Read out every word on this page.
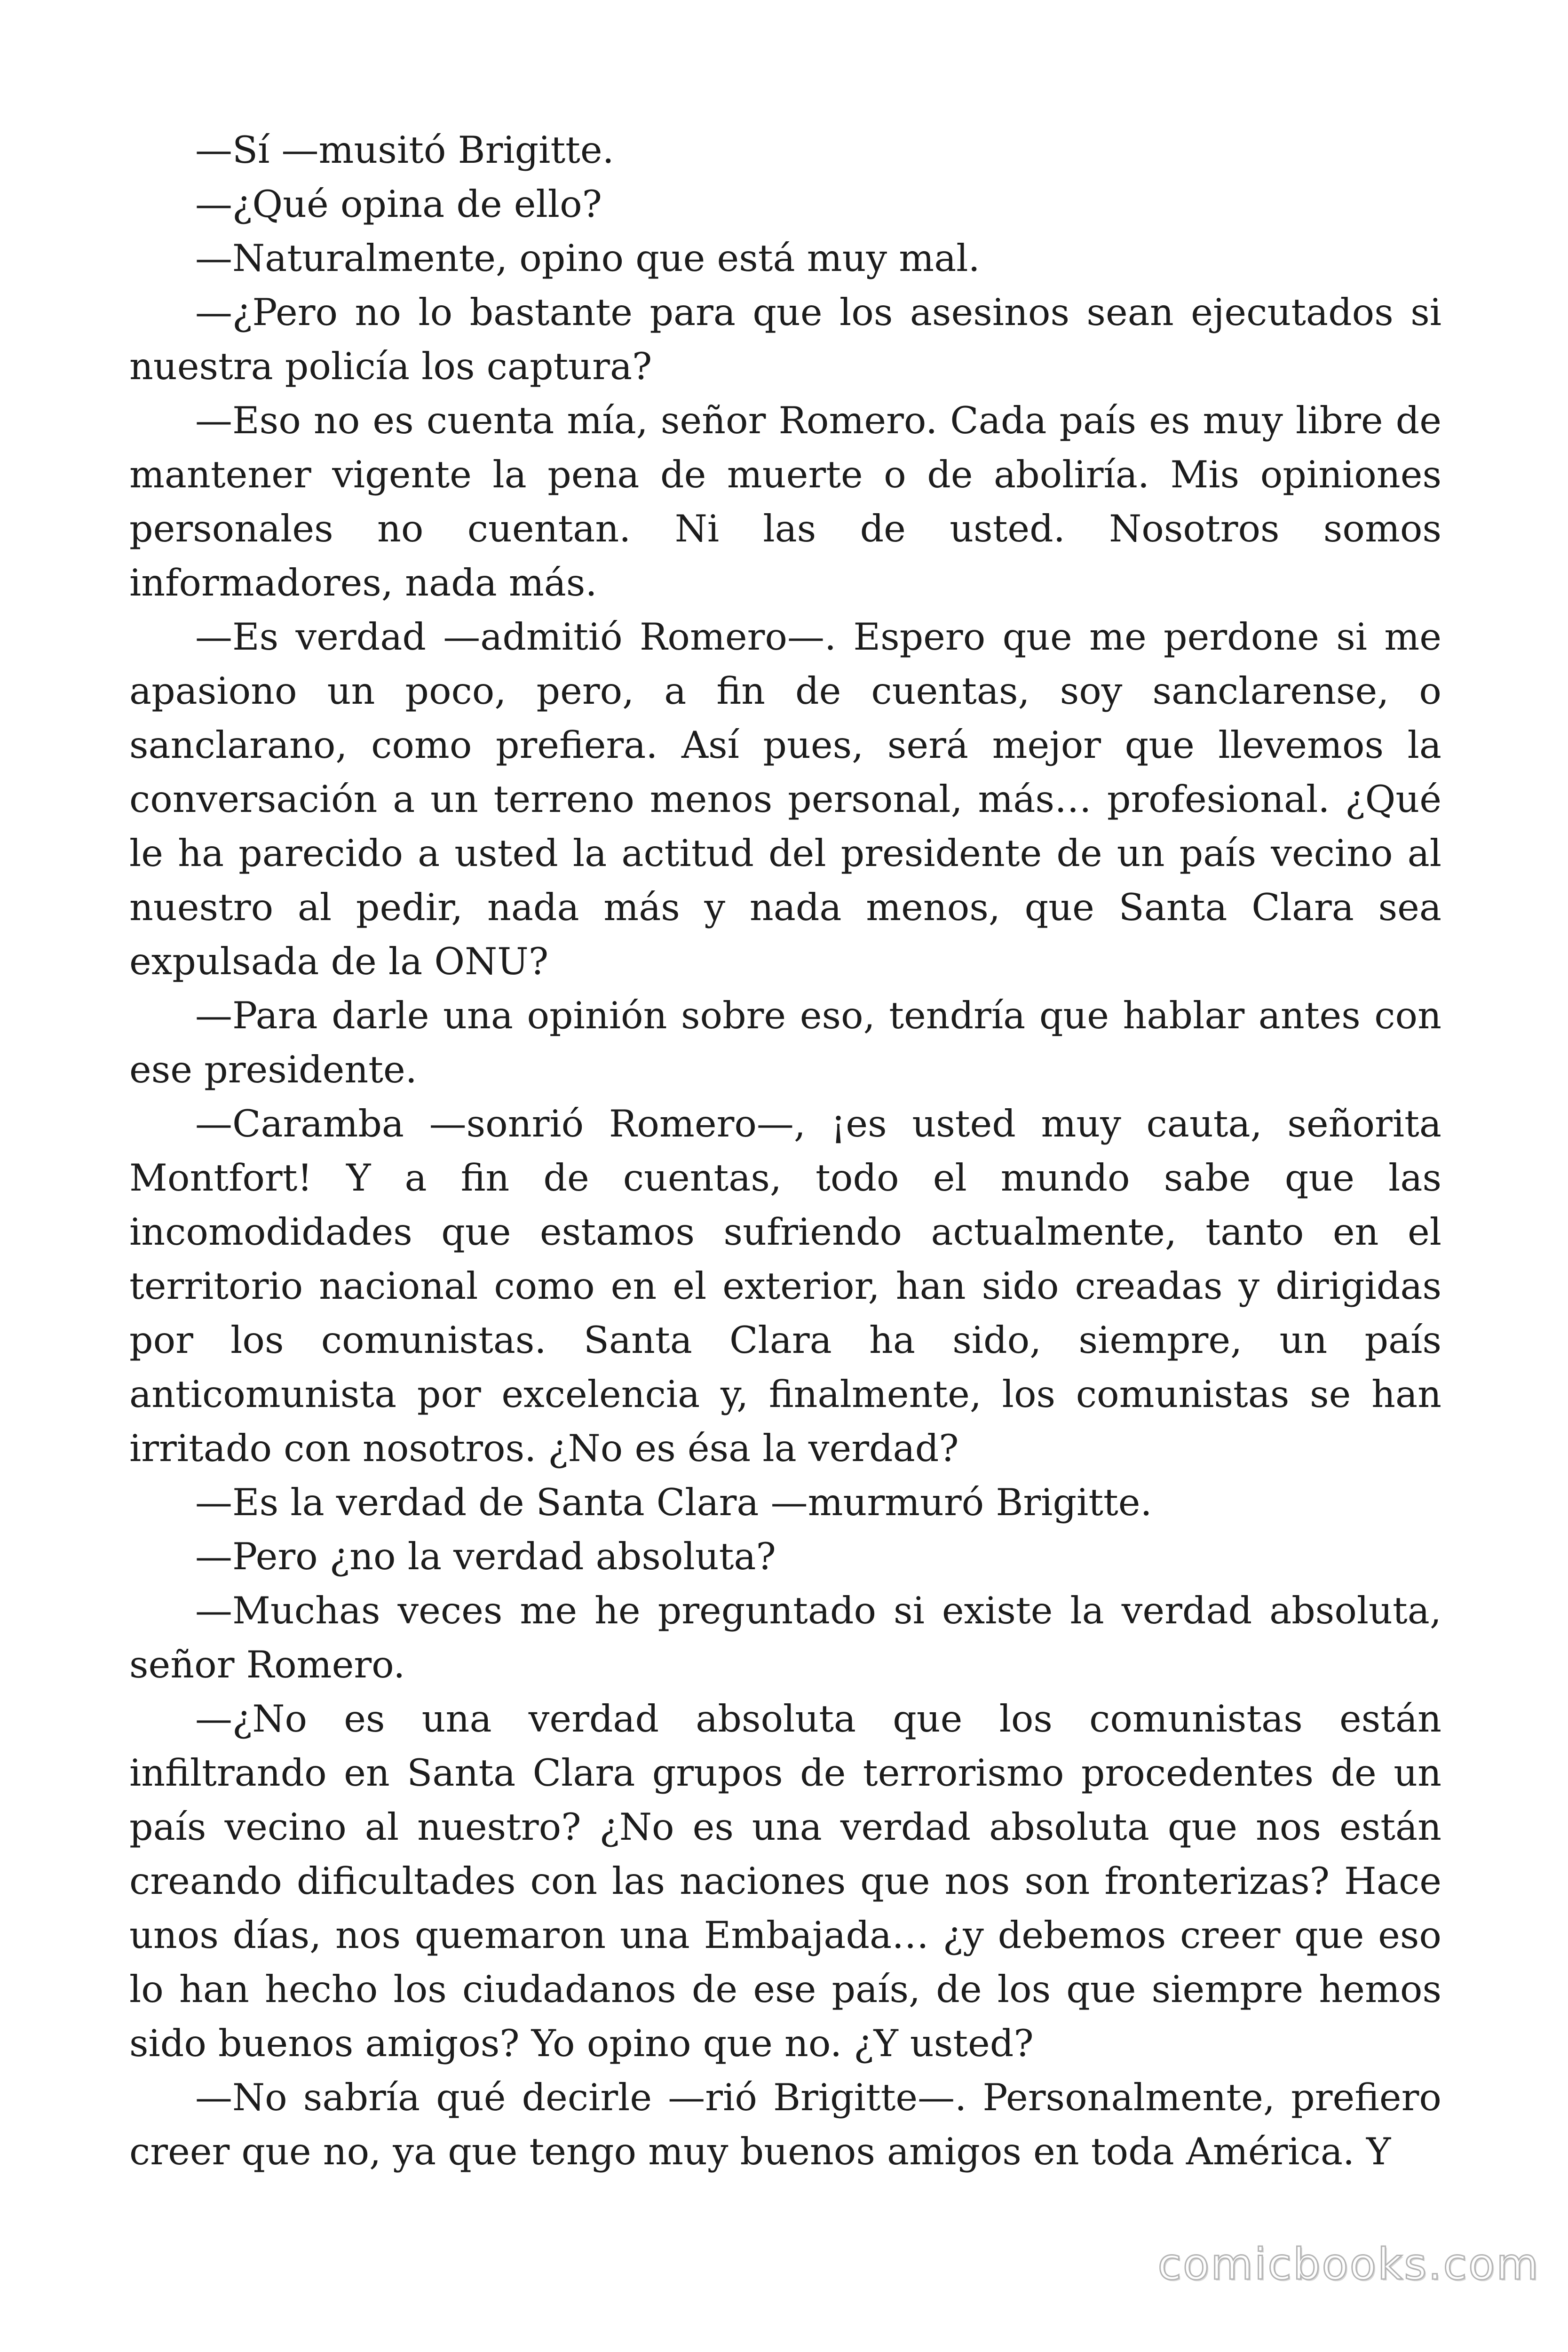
—Sí —musitó Brigitte.

—¿Qué opina de ello?

—Naturalmente, opino que está muy mal.

—¿Pero no lo bastante para que los asesinos sean ejecutados si nuestra policía los captura?

—Eso no es cuenta mía, señor Romero. Cada país es muy libre de mantener vigente la pena de muerte o de aboliría. Mis opiniones personales no cuentan. Ni las de usted. Nosotros somos informadores, nada más.

—Es verdad —admitió Romero—. Espero que me perdone si me apasiono un poco, pero, a fin de cuentas, soy sanclarense, o sanclarano, como prefiera. Así pues, será mejor que llevemos la conversación a un terreno menos personal, más… profesional. ¿Qué le ha parecido a usted la actitud del presidente de un país vecino al nuestro al pedir, nada más y nada menos, que Santa Clara sea expulsada de la ONU?

—Para darle una opinión sobre eso, tendría que hablar antes con ese presidente.

—Caramba —sonrió Romero—, ¡es usted muy cauta, señorita Montfort! Y a fin de cuentas, todo el mundo sabe que las incomodidades que estamos sufriendo actualmente, tanto en el territorio nacional como en el exterior, han sido creadas y dirigidas por los comunistas. Santa Clara ha sido, siempre, un país anticomunista por excelencia y, finalmente, los comunistas se han irritado con nosotros. ¿No es ésa la verdad?

—Es la verdad de Santa Clara —murmuró Brigitte.

—Pero ¿no la verdad absoluta?

—Muchas veces me he preguntado si existe la verdad absoluta, señor Romero.

—¿No es una verdad absoluta que los comunistas están infiltrando en Santa Clara grupos de terrorismo procedentes de un país vecino al nuestro? ¿No es una verdad absoluta que nos están creando dificultades con las naciones que nos son fronterizas? Hace unos días, nos quemaron una Embajada… ¿y debemos creer que eso lo han hecho los ciudadanos de ese país, de los que siempre hemos sido buenos amigos? Yo opino que no. ¿Y usted?

—No sabría qué decirle —rió Brigitte—. Personalmente, prefiero creer que no, ya que tengo muy buenos amigos en toda América. Y

comicbooks.com
